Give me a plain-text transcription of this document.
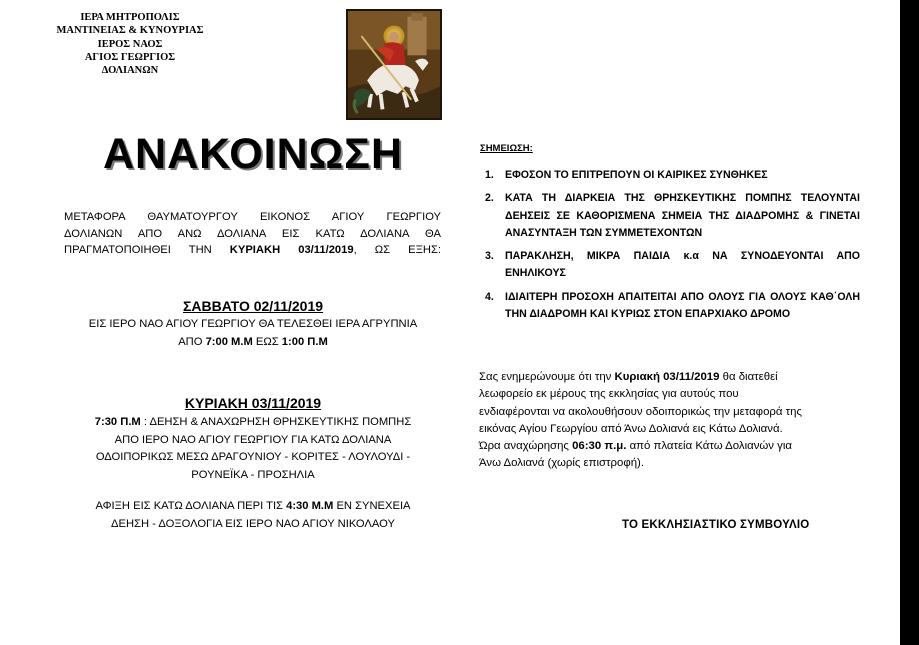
ΙΕΡΑ ΜΗΤΡΟΠΟΛΙΣ
ΜΑΝΤΙΝΕΙΑΣ & ΚΥΝΟΥΡΙΑΣ
ΙΕΡΟΣ ΝΑΟΣ
ΑΓΙΟΣ ΓΕΩΡΓΙΟΣ
ΔΟΛΙΑΝΩΝ
ΑΝΑΚΟΙΝΩΣΗ
ΜΕΤΑΦΟΡΑ ΘΑΥΜΑΤΟΥΡΓΟΥ ΕΙΚΟΝΟΣ ΑΓΙΟΥ ΓΕΩΡΓΙΟΥ
ΔΟΛΙΑΝΩΝ ΑΠΟ ΑΝΩ ΔΟΛΙΑΝΑ ΕΙΣ ΚΑΤΩ ΔΟΛΙΑΝΑ ΘΑ
ΠΡΑΓΜΑΤΟΠΟΙΗΘΕΙ ΤΗΝ ΚΥΡΙΑΚΗ 03/11/2019, ΩΣ ΕΞΗΣ:
ΣΑΒΒΑΤΟ 02/11/2019
ΕΙΣ ΙΕΡΟ ΝΑΟ ΑΓΙΟΥ ΓΕΩΡΓΙΟΥ ΘΑ ΤΕΛΕΣΘΕΙ ΙΕΡΑ ΑΓΡΥΠΝΙΑ
ΑΠΟ 7:00 Μ.Μ ΕΩΣ 1:00 Π.Μ
ΚΥΡΙΑΚΗ 03/11/2019
7:30 Π.Μ : ΔΕΗΣΗ & ΑΝΑΧΩΡΗΣΗ ΘΡΗΣΚΕΥΤΙΚΗΣ ΠΟΜΠΗΣ
ΑΠΟ ΙΕΡΟ ΝΑΟ ΑΓΙΟΥ ΓΕΩΡΓΙΟΥ ΓΙΑ ΚΑΤΩ ΔΟΛΙΑΝΑ
ΟΔΟΙΠΟΡΙΚΩΣ ΜΕΣΩ ΔΡΑΓΟΥΝΙΟΥ - ΚΟΡΙΤΕΣ - ΛΟΥΛΟΥΔΙ -
ΡΟΥΝΕΪΚΑ - ΠΡΟΣΗΛΙΑ
ΑΦΙΞΗ ΕΙΣ ΚΑΤΩ ΔΟΛΙΑΝΑ ΠΕΡΙ ΤΙΣ 4:30 Μ.Μ ΕΝ ΣΥΝΕΧΕΙΑ
ΔΕΗΣΗ - ΔΟΞΟΛΟΓΙΑ ΕΙΣ ΙΕΡΟ ΝΑΟ ΑΓΙΟΥ ΝΙΚΟΛΑΟΥ
ΣΗΜΕΙΩΣΗ:
1. ΕΦΟΣΟΝ ΤΟ ΕΠΙΤΡΕΠΟΥΝ ΟΙ ΚΑΙΡΙΚΕΣ ΣΥΝΘΗΚΕΣ
2. ΚΑΤΑ ΤΗ ΔΙΑΡΚΕΙΑ ΤΗΣ ΘΡΗΣΚΕΥΤΙΚΗΣ ΠΟΜΠΗΣ ΤΕΛΟΥΝΤΑΙ ΔΕΗΣΕΙΣ ΣΕ ΚΑΘΟΡΙΣΜΕΝΑ ΣΗΜΕΙΑ ΤΗΣ ΔΙΑΔΡΟΜΗΣ & ΓΙΝΕΤΑΙ ΑΝΑΣΥΝΤΑΞΗ ΤΩΝ ΣΥΜΜΕΤΕΧΟΝΤΩΝ
3. ΠΑΡΑΚΛΗΣΗ, ΜΙΚΡΑ ΠΑΙΔΙΑ κ.α ΝΑ ΣΥΝΟΔΕΥΟΝΤΑΙ ΑΠΟ ΕΝΗΛΙΚΟΥΣ
4. ΙΔΙΑΙΤΕΡΗ ΠΡΟΣΟΧΗ ΑΠΑΙΤΕΙΤΑΙ ΑΠΟ ΟΛΟΥΣ ΓΙΑ ΟΛΟΥΣ ΚΑΘ΄ΟΛΗ ΤΗΝ ΔΙΑΔΡΟΜΗ ΚΑΙ ΚΥΡΙΩΣ ΣΤΟΝ ΕΠΑΡΧΙΑΚΟ ΔΡΟΜΟ
Σας ενημερώνουμε ότι την Κυριακή 03/11/2019 θα διατεθεί
λεωφορείο εκ μέρους της εκκλησίας για αυτούς που
ενδιαφέρονται να ακολουθήσουν οδοιπορικώς την μεταφορά της
εικόνας Αγίου Γεωργίου από Άνω Δολιανά εις Κάτω Δολιανά.
Ώρα αναχώρησης 06:30 π.μ. από πλατεία Κάτω Δολιανών για
Άνω Δολιανά (χωρίς επιστροφή).
ΤΟ ΕΚΚΛΗΣΙΑΣΤΙΚΟ ΣΥΜΒΟΥΛΙΟ
